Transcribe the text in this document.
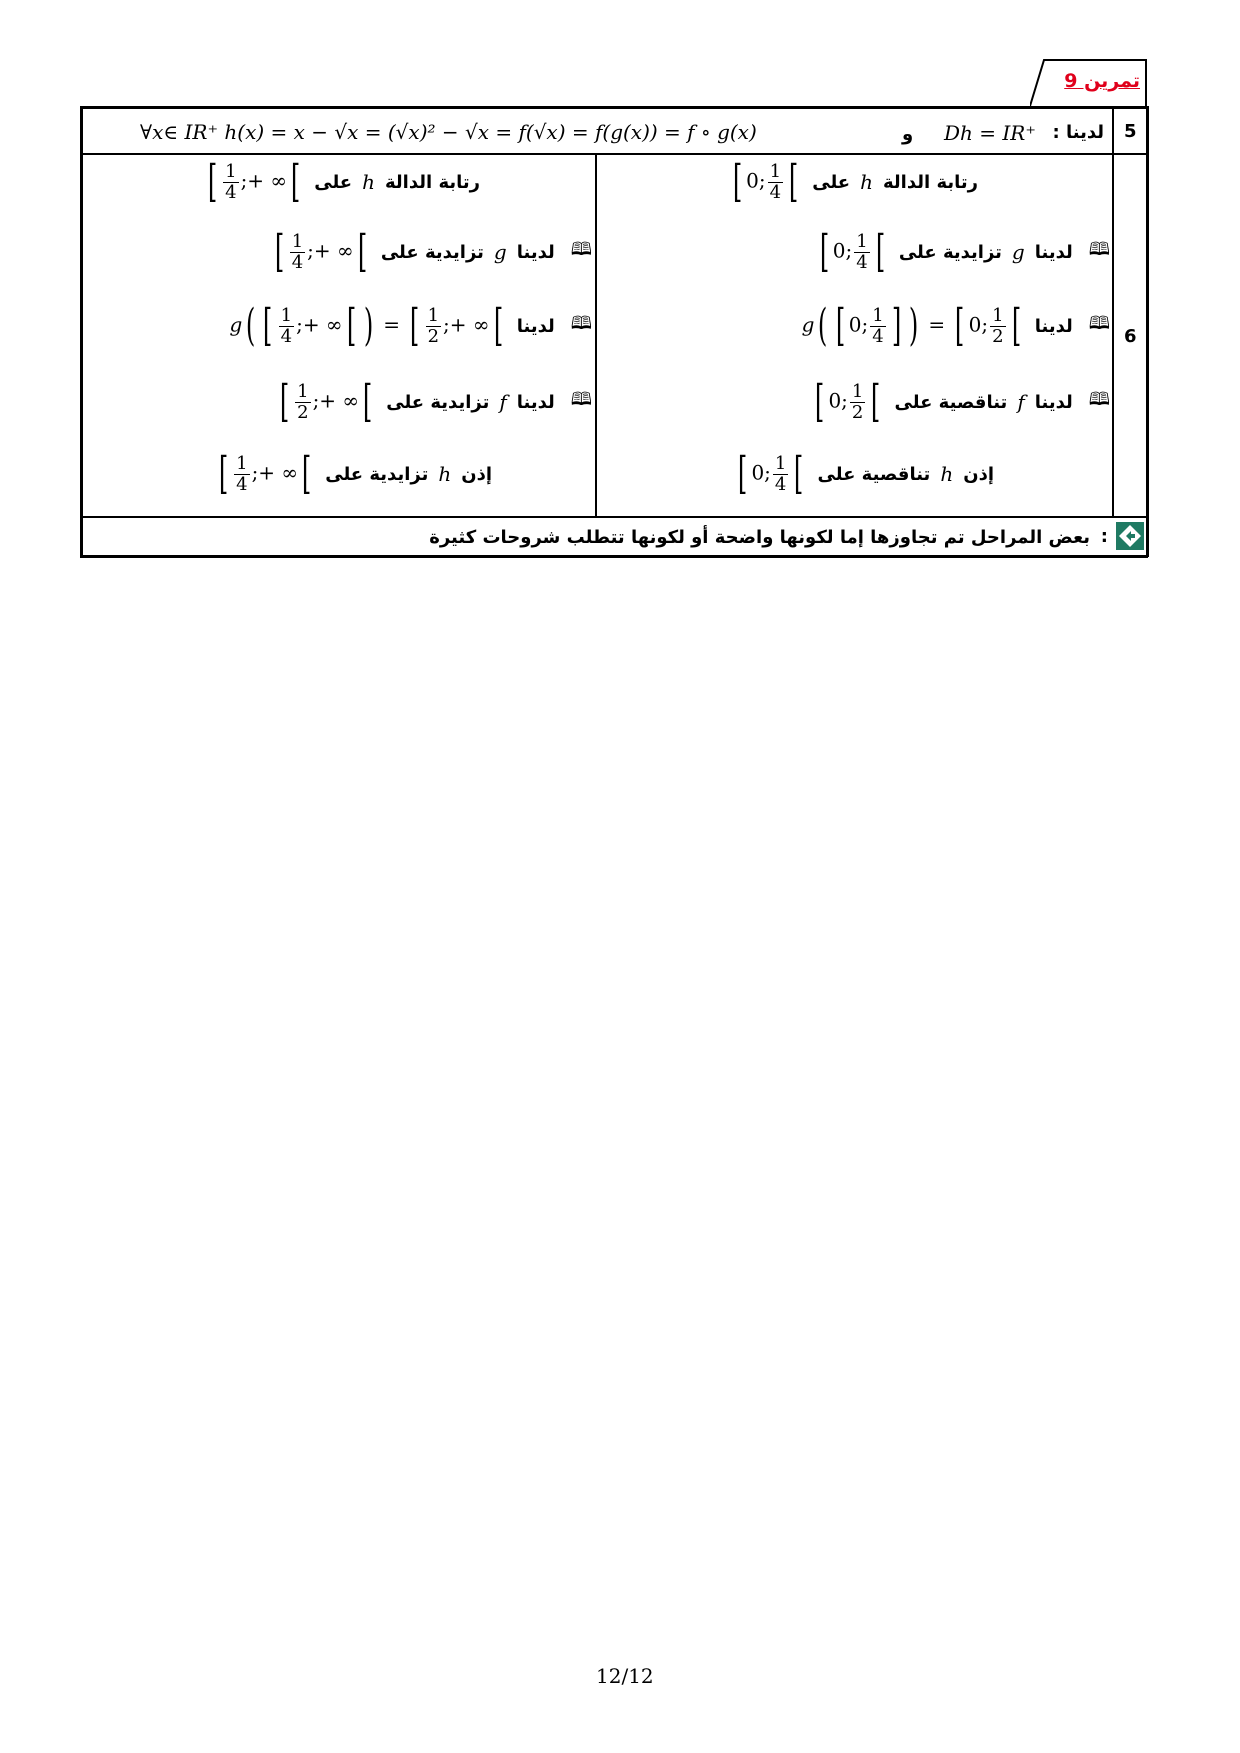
تمرين 9
5
لدينا :
Dh = IR⁺
و
∀x∈ IR⁺ h(x) = x − √x = (√x)² − √x = f(√x) = f(g(x)) = f ∘ g(x)
6
[ 0; $\frac{1}{4}$ [ على h رتابة الدالة
[ 0; $\frac{1}{4}$ [ تزايدية على g لدينا 🕮
g( [ 0; $\frac{1}{4}$ ] ) = [ 0; $\frac{1}{2}$ [ لدينا 🕮
[ 0; $\frac{1}{2}$ [ تناقصية على f لدينا 🕮
[ 0; $\frac{1}{4}$ [ تناقصية على h إذن
[ $\frac{1}{4}$ ;+ ∞[ على h رتابة الدالة
[ $\frac{1}{4}$ ;+ ∞[ تزايدية على g لدينا 🕮
g( [ $\frac{1}{4}$ ;+ ∞[ ) = [ $\frac{1}{2}$ ;+ ∞[ لدينا 🕮
[ $\frac{1}{2}$ ;+ ∞[ تزايدية على f لدينا 🕮
[ $\frac{1}{4}$ ;+ ∞[ تزايدية على h إذن
:
بعض المراحل تم تجاوزها إما لكونها واضحة أو لكونها تتطلب شروحات كثيرة
12/12
